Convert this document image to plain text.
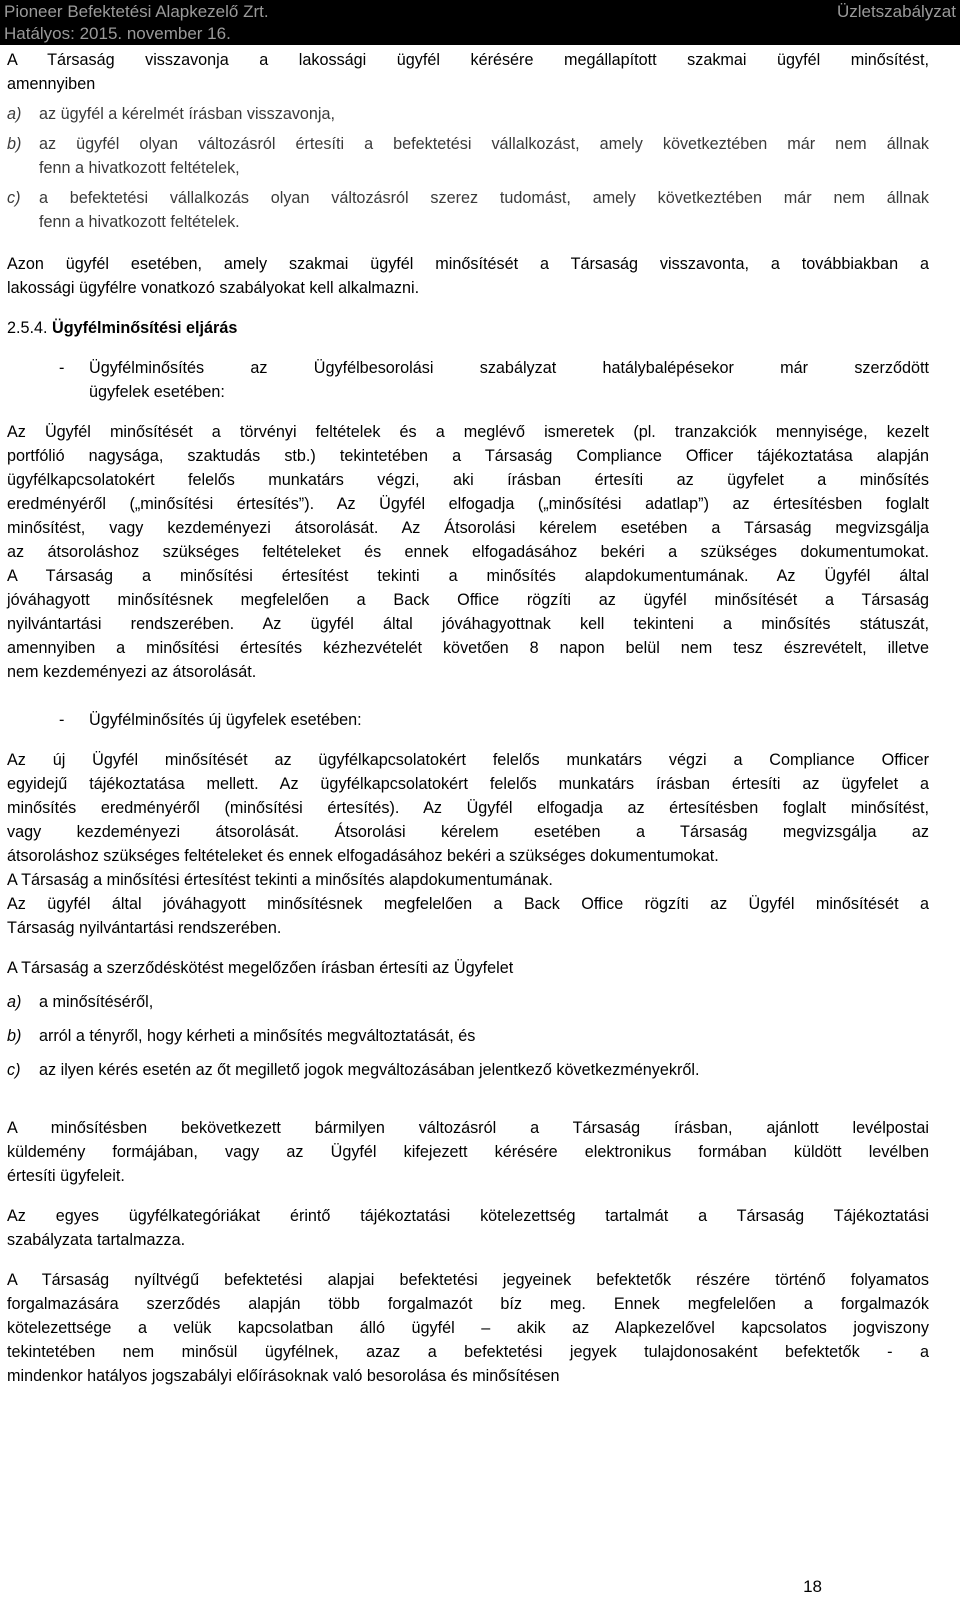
Pioneer Befektetési Alapkezelő Zrt.	Üzletszabályzat
Hatályos: 2015. november 16.

A Társaság visszavonja a lakossági ügyfél kérésére megállapított szakmai ügyfél minősítést,

amennyiben

a) az ügyfél a kérelmét írásban visszavonja,

b) az ügyfél olyan változásról értesíti a befektetési vállalkozást, amely következtében már nem állnak

fenn a hivatkozott feltételek,

c) a befektetési vállalkozás olyan változásról szerez tudomást, amely következtében már nem állnak

fenn a hivatkozott feltételek.

Azon ügyfél esetében, amely szakmai ügyfél minősítését a Társaság visszavonta, a továbbiakban a

lakossági ügyfélre vonatkozó szabályokat kell alkalmazni.

2.5.4. Ügyfélminősítési eljárás

- Ügyfélminősítés az Ügyfélbesorolási szabályzat hatálybalépésekor már szerződött

ügyfelek esetében:

Az Ügyfél minősítését a törvényi feltételek és a meglévő ismeretek (pl. tranzakciók mennyisége, kezelt

portfólió nagysága, szaktudás stb.) tekintetében a Társaság Compliance Officer tájékoztatása alapján

ügyfélkapcsolatokért felelős munkatárs végzi, aki írásban értesíti az ügyfelet a minősítés

eredményéről („minősítési értesítés”). Az Ügyfél elfogadja („minősítési adatlap”) az értesítésben foglalt

minősítést, vagy kezdeményezi átsorolását. Az Átsorolási kérelem esetében a Társaság megvizsgálja

az átsoroláshoz szükséges feltételeket és ennek elfogadásához bekéri a szükséges dokumentumokat.

A Társaság a minősítési értesítést tekinti a minősítés alapdokumentumának. Az Ügyfél által

jóváhagyott minősítésnek megfelelően a Back Office rögzíti az ügyfél minősítését a Társaság

nyilvántartási rendszerében. Az ügyfél által jóváhagyottnak kell tekinteni a minősítés státuszát,

amennyiben a minősítési értesítés kézhezvételét követően 8 napon belül nem tesz észrevételt, illetve

nem kezdeményezi az átsorolását.

- Ügyfélminősítés új ügyfelek esetében:

Az új Ügyfél minősítését az ügyfélkapcsolatokért felelős munkatárs végzi a Compliance Officer

egyidejű tájékoztatása mellett. Az ügyfélkapcsolatokért felelős munkatárs írásban értesíti az ügyfelet a

minősítés eredményéről (minősítési értesítés). Az Ügyfél elfogadja az értesítésben foglalt minősítést,

vagy kezdeményezi átsorolását. Átsorolási kérelem esetében a Társaság megvizsgálja az

átsoroláshoz szükséges feltételeket és ennek elfogadásához bekéri a szükséges dokumentumokat.

A Társaság a minősítési értesítést tekinti a minősítés alapdokumentumának.

Az ügyfél által jóváhagyott minősítésnek megfelelően a Back Office rögzíti az Ügyfél minősítését a

Társaság nyilvántartási rendszerében.

A Társaság a szerződéskötést megelőzően írásban értesíti az Ügyfelet

a) a minősítéséről,

b) arról a tényről, hogy kérheti a minősítés megváltoztatását, és

c) az ilyen kérés esetén az őt megillető jogok megváltozásában jelentkező következményekről.

A minősítésben bekövetkezett bármilyen változásról a Társaság írásban, ajánlott levélpostai

küldemény formájában, vagy az Ügyfél kifejezett kérésére elektronikus formában küldött levélben

értesíti ügyfeleit.

Az egyes ügyfélkategóriákat érintő tájékoztatási kötelezettség tartalmát a Társaság Tájékoztatási

szabályzata tartalmazza.

A Társaság nyíltvégű befektetési alapjai befektetési jegyeinek befektetők részére történő folyamatos

forgalmazására szerződés alapján több forgalmazót bíz meg. Ennek megfelelően a forgalmazók

kötelezettsége a velük kapcsolatban álló ügyfél – akik az Alapkezelővel kapcsolatos jogviszony

tekintetében nem minősül ügyfélnek, azaz a befektetési jegyek tulajdonosaként befektetők - a

mindenkor hatályos jogszabályi előírásoknak való besorolása és minősítésen

18
